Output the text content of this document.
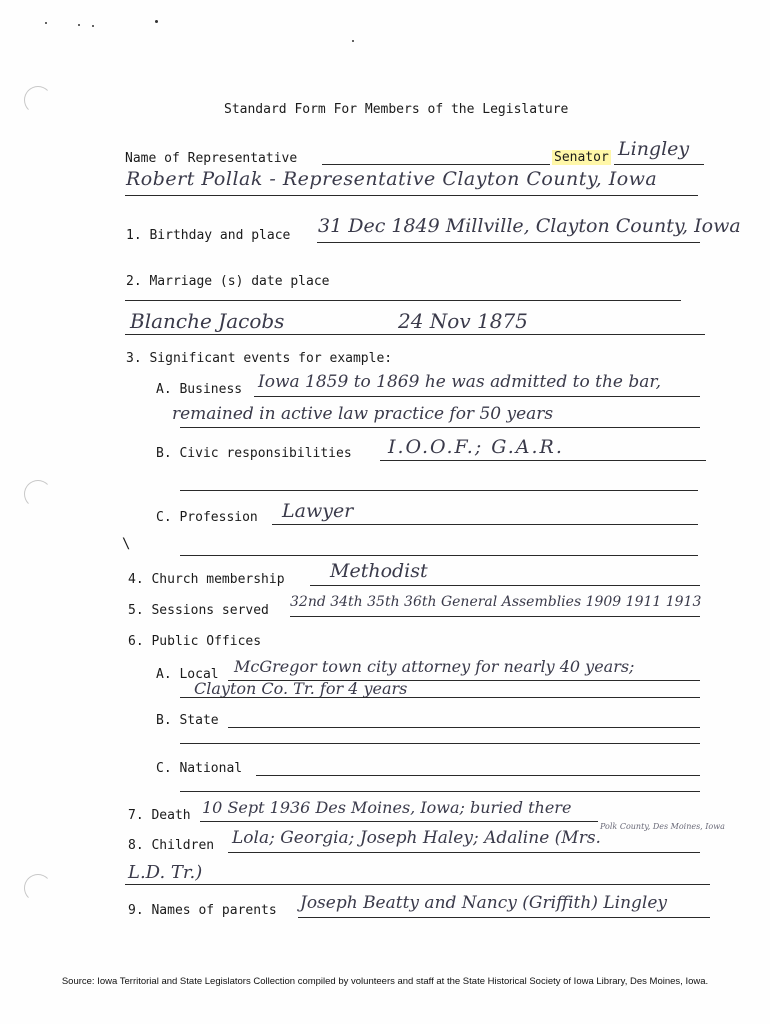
Standard Form For Members of the Legislature
Name of Representative	Senator Lingley
Robert Pollak - Representative Clayton County, Iowa
1. Birthday and place 31 Dec 1849 Millville, Clayton County, Iowa
2. Marriage (s) date place
Blanche Jacobs	24 Nov 1875
3. Significant events for example:
A. Business Iowa 1859 to 1869 he was admitted to the bar,
remained in active law practice for 50 years
B. Civic responsibilities I.O.O.F.; G.A.R.
C. Profession Lawyer
\
4. Church membership Methodist
5. Sessions served
32nd 34th 35th 36th General Assemblies 1909 1911 1913
6. Public Offices
A. Local McGregor town city attorney for nearly 40 years;
Clayton Co. Tr. for 4 years
B. State
C. National
7. Death 10 Sept 1936 Des Moines, Iowa; buried there
Polk County, Des Moines, Iowa
8. Children Lola; Georgia; Joseph Haley; Adaline (Mrs.
L.D. Tr.)
9. Names of parents Joseph Beatty and Nancy (Griffith) Lingley
Source: Iowa Territorial and State Legislators Collection compiled by volunteers and staff at the State Historical Society of Iowa Library, Des Moines, Iowa.
